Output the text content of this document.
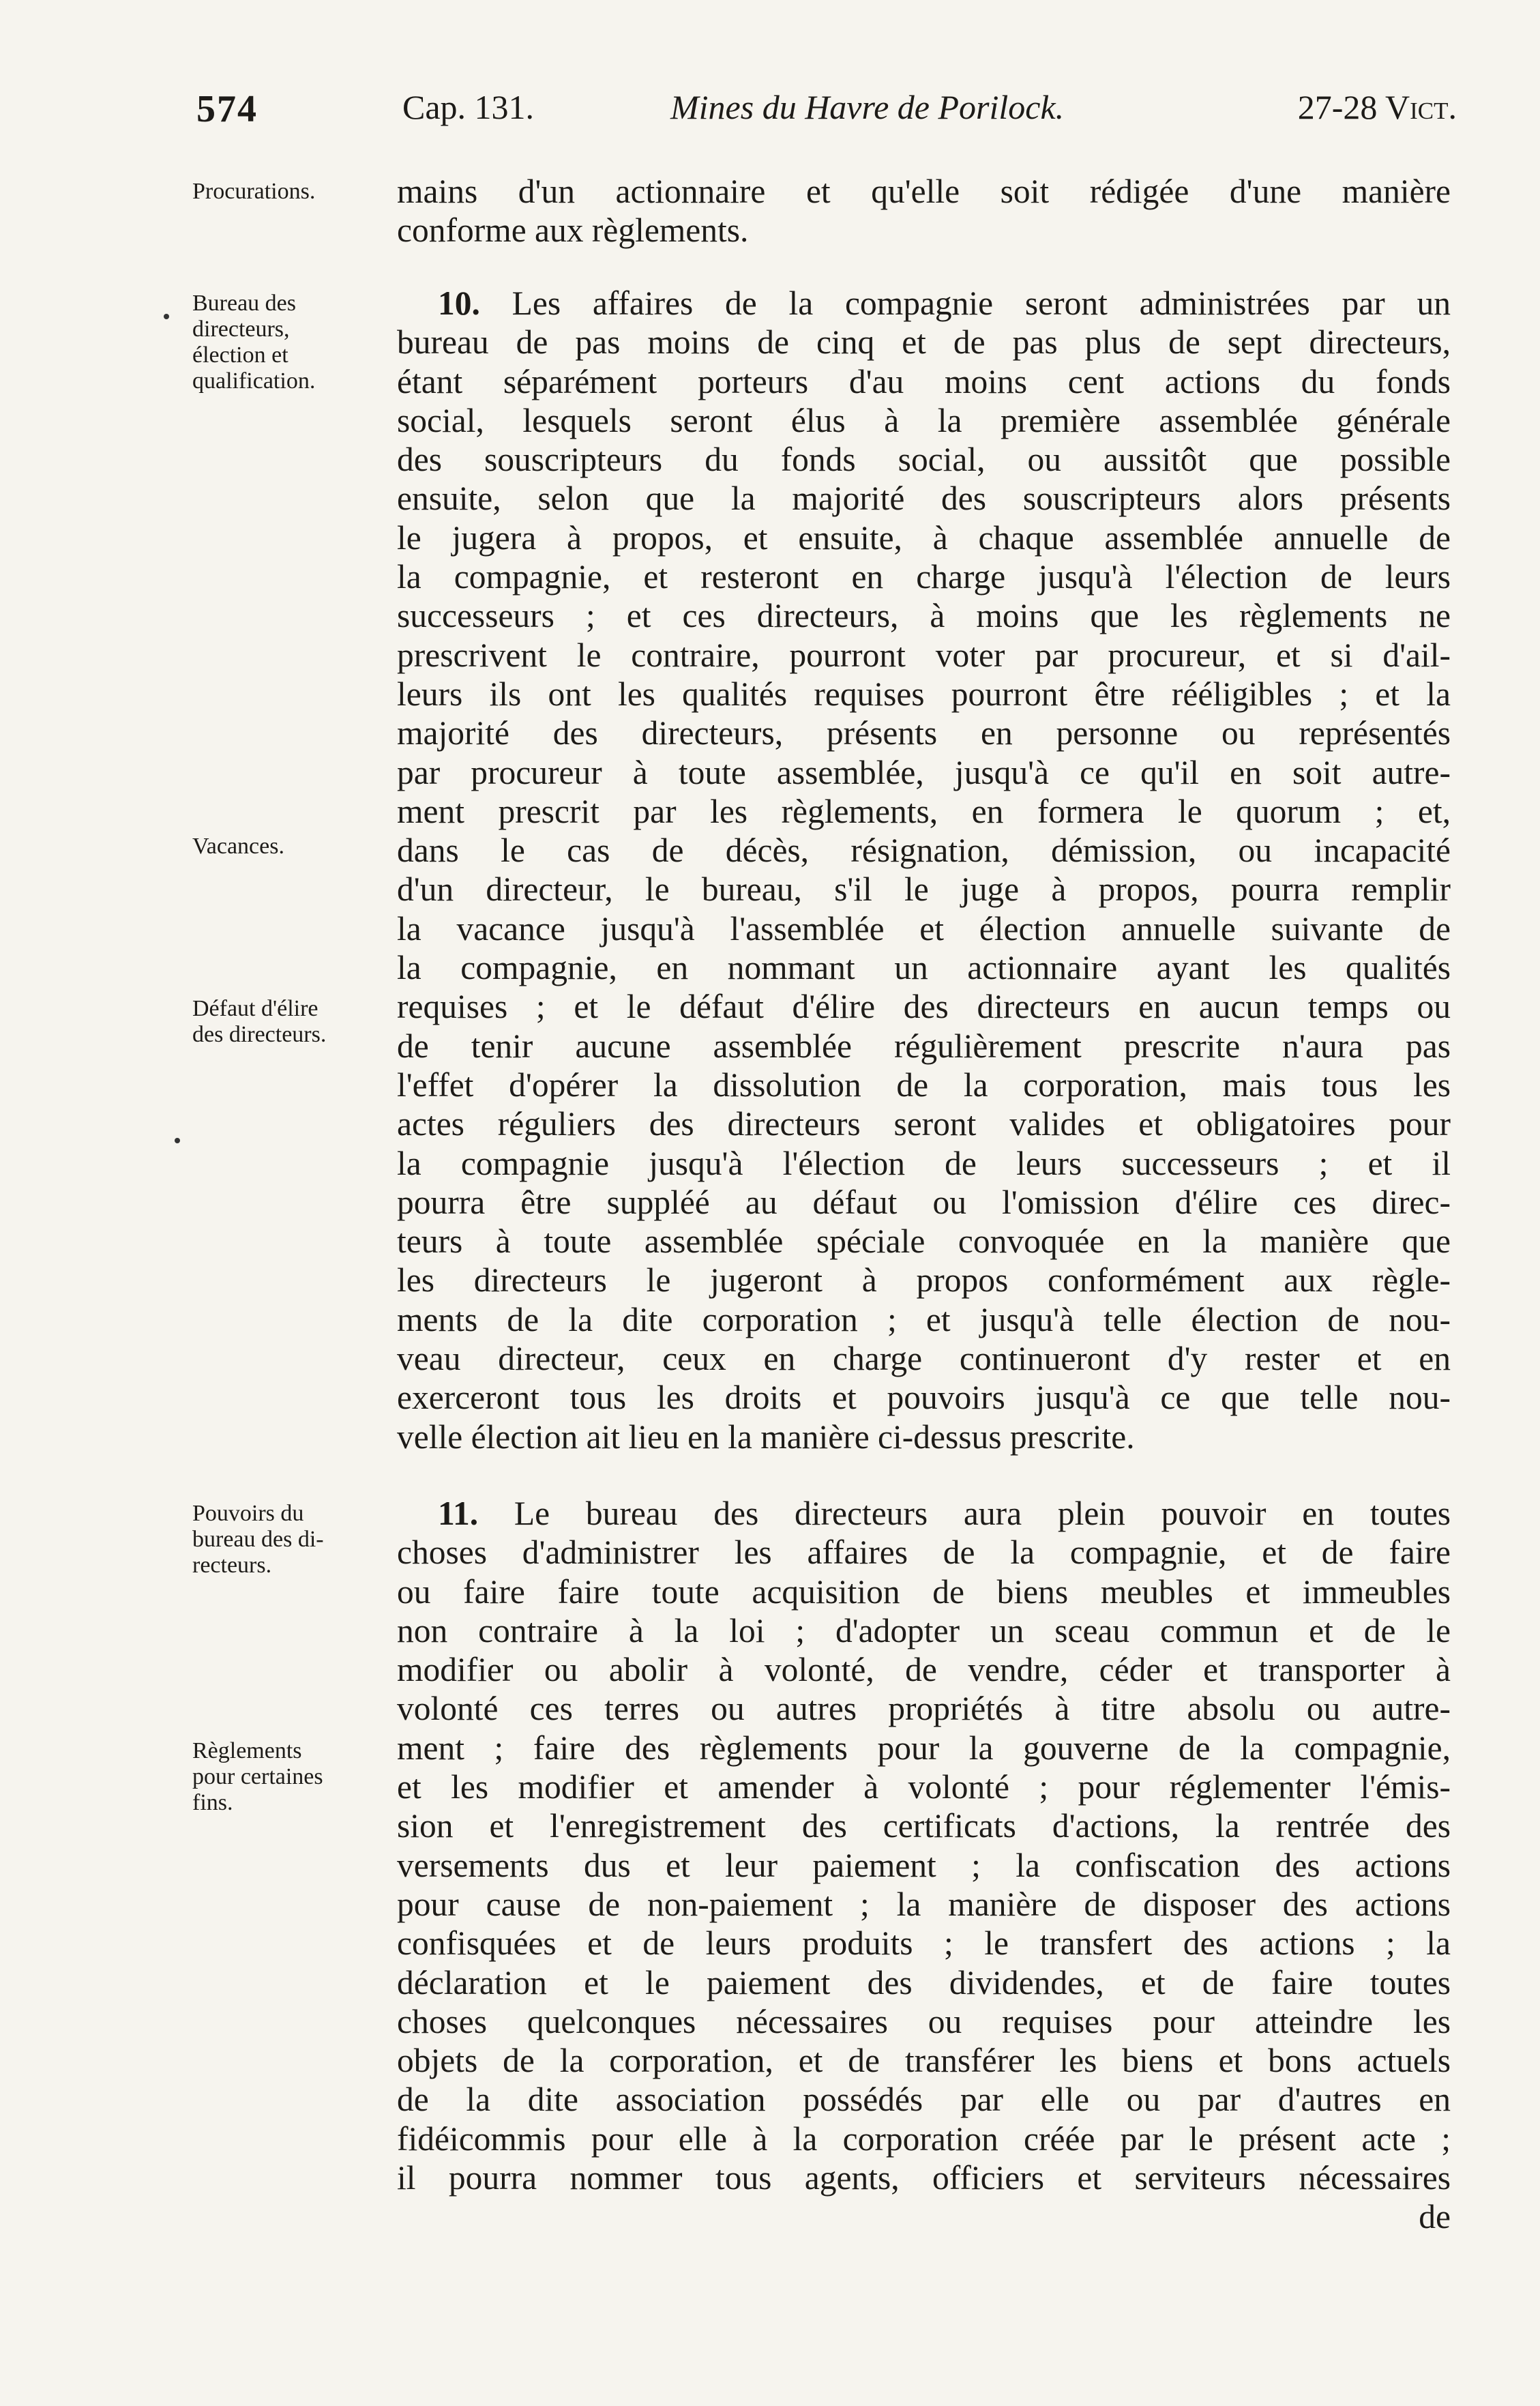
574	Cap. 131.	Mines du Havre de Porilock.	27-28 Vict.
Procurations.
Bureau des
directeurs,
élection et
qualification.
Vacances.
Défaut d'élire
des directeurs.
Pouvoirs du
bureau des di-
recteurs.
Règlements
pour certaines
fins.
mains d'un actionnaire et qu'elle soit rédigée d'une manière
conforme aux règlements.
10. Les affaires de la compagnie seront administrées par un
bureau de pas moins de cinq et de pas plus de sept directeurs,
étant séparément porteurs d'au moins cent actions du fonds
social, lesquels seront élus à la première assemblée générale
des souscripteurs du fonds social, ou aussitôt que possible
ensuite, selon que la majorité des souscripteurs alors présents
le jugera à propos, et ensuite, à chaque assemblée annuelle de
la compagnie, et resteront en charge jusqu'à l'élection de leurs
successeurs ; et ces directeurs, à moins que les règlements ne
prescrivent le contraire, pourront voter par procureur, et si d'ail-
leurs ils ont les qualités requises pourront être rééligibles ; et la
majorité des directeurs, présents en personne ou représentés
par procureur à toute assemblée, jusqu'à ce qu'il en soit autre-
ment prescrit par les règlements, en formera le quorum ; et,
dans le cas de décès, résignation, démission, ou incapacité
d'un directeur, le bureau, s'il le juge à propos, pourra remplir
la vacance jusqu'à l'assemblée et élection annuelle suivante de
la compagnie, en nommant un actionnaire ayant les qualités
requises ; et le défaut d'élire des directeurs en aucun temps ou
de tenir aucune assemblée régulièrement prescrite n'aura pas
l'effet d'opérer la dissolution de la corporation, mais tous les
actes réguliers des directeurs seront valides et obligatoires pour
la compagnie jusqu'à l'élection de leurs successeurs ; et il
pourra être suppléé au défaut ou l'omission d'élire ces direc-
teurs à toute assemblée spéciale convoquée en la manière que
les directeurs le jugeront à propos conformément aux règle-
ments de la dite corporation ; et jusqu'à telle élection de nou-
veau directeur, ceux en charge continueront d'y rester et en
exerceront tous les droits et pouvoirs jusqu'à ce que telle nou-
velle élection ait lieu en la manière ci-dessus prescrite.
11. Le bureau des directeurs aura plein pouvoir en toutes
choses d'administrer les affaires de la compagnie, et de faire
ou faire faire toute acquisition de biens meubles et immeubles
non contraire à la loi ; d'adopter un sceau commun et de le
modifier ou abolir à volonté, de vendre, céder et transporter à
volonté ces terres ou autres propriétés à titre absolu ou autre-
ment ; faire des règlements pour la gouverne de la compagnie,
et les modifier et amender à volonté ; pour réglementer l'émis-
sion et l'enregistrement des certificats d'actions, la rentrée des
versements dus et leur paiement ; la confiscation des actions
pour cause de non-paiement ; la manière de disposer des actions
confisquées et de leurs produits ; le transfert des actions ; la
déclaration et le paiement des dividendes, et de faire toutes
choses quelconques nécessaires ou requises pour atteindre les
objets de la corporation, et de transférer les biens et bons actuels
de la dite association possédés par elle ou par d'autres en
fidéicommis pour elle à la corporation créée par le présent acte ;
il pourra nommer tous agents, officiers et serviteurs nécessaires
de
